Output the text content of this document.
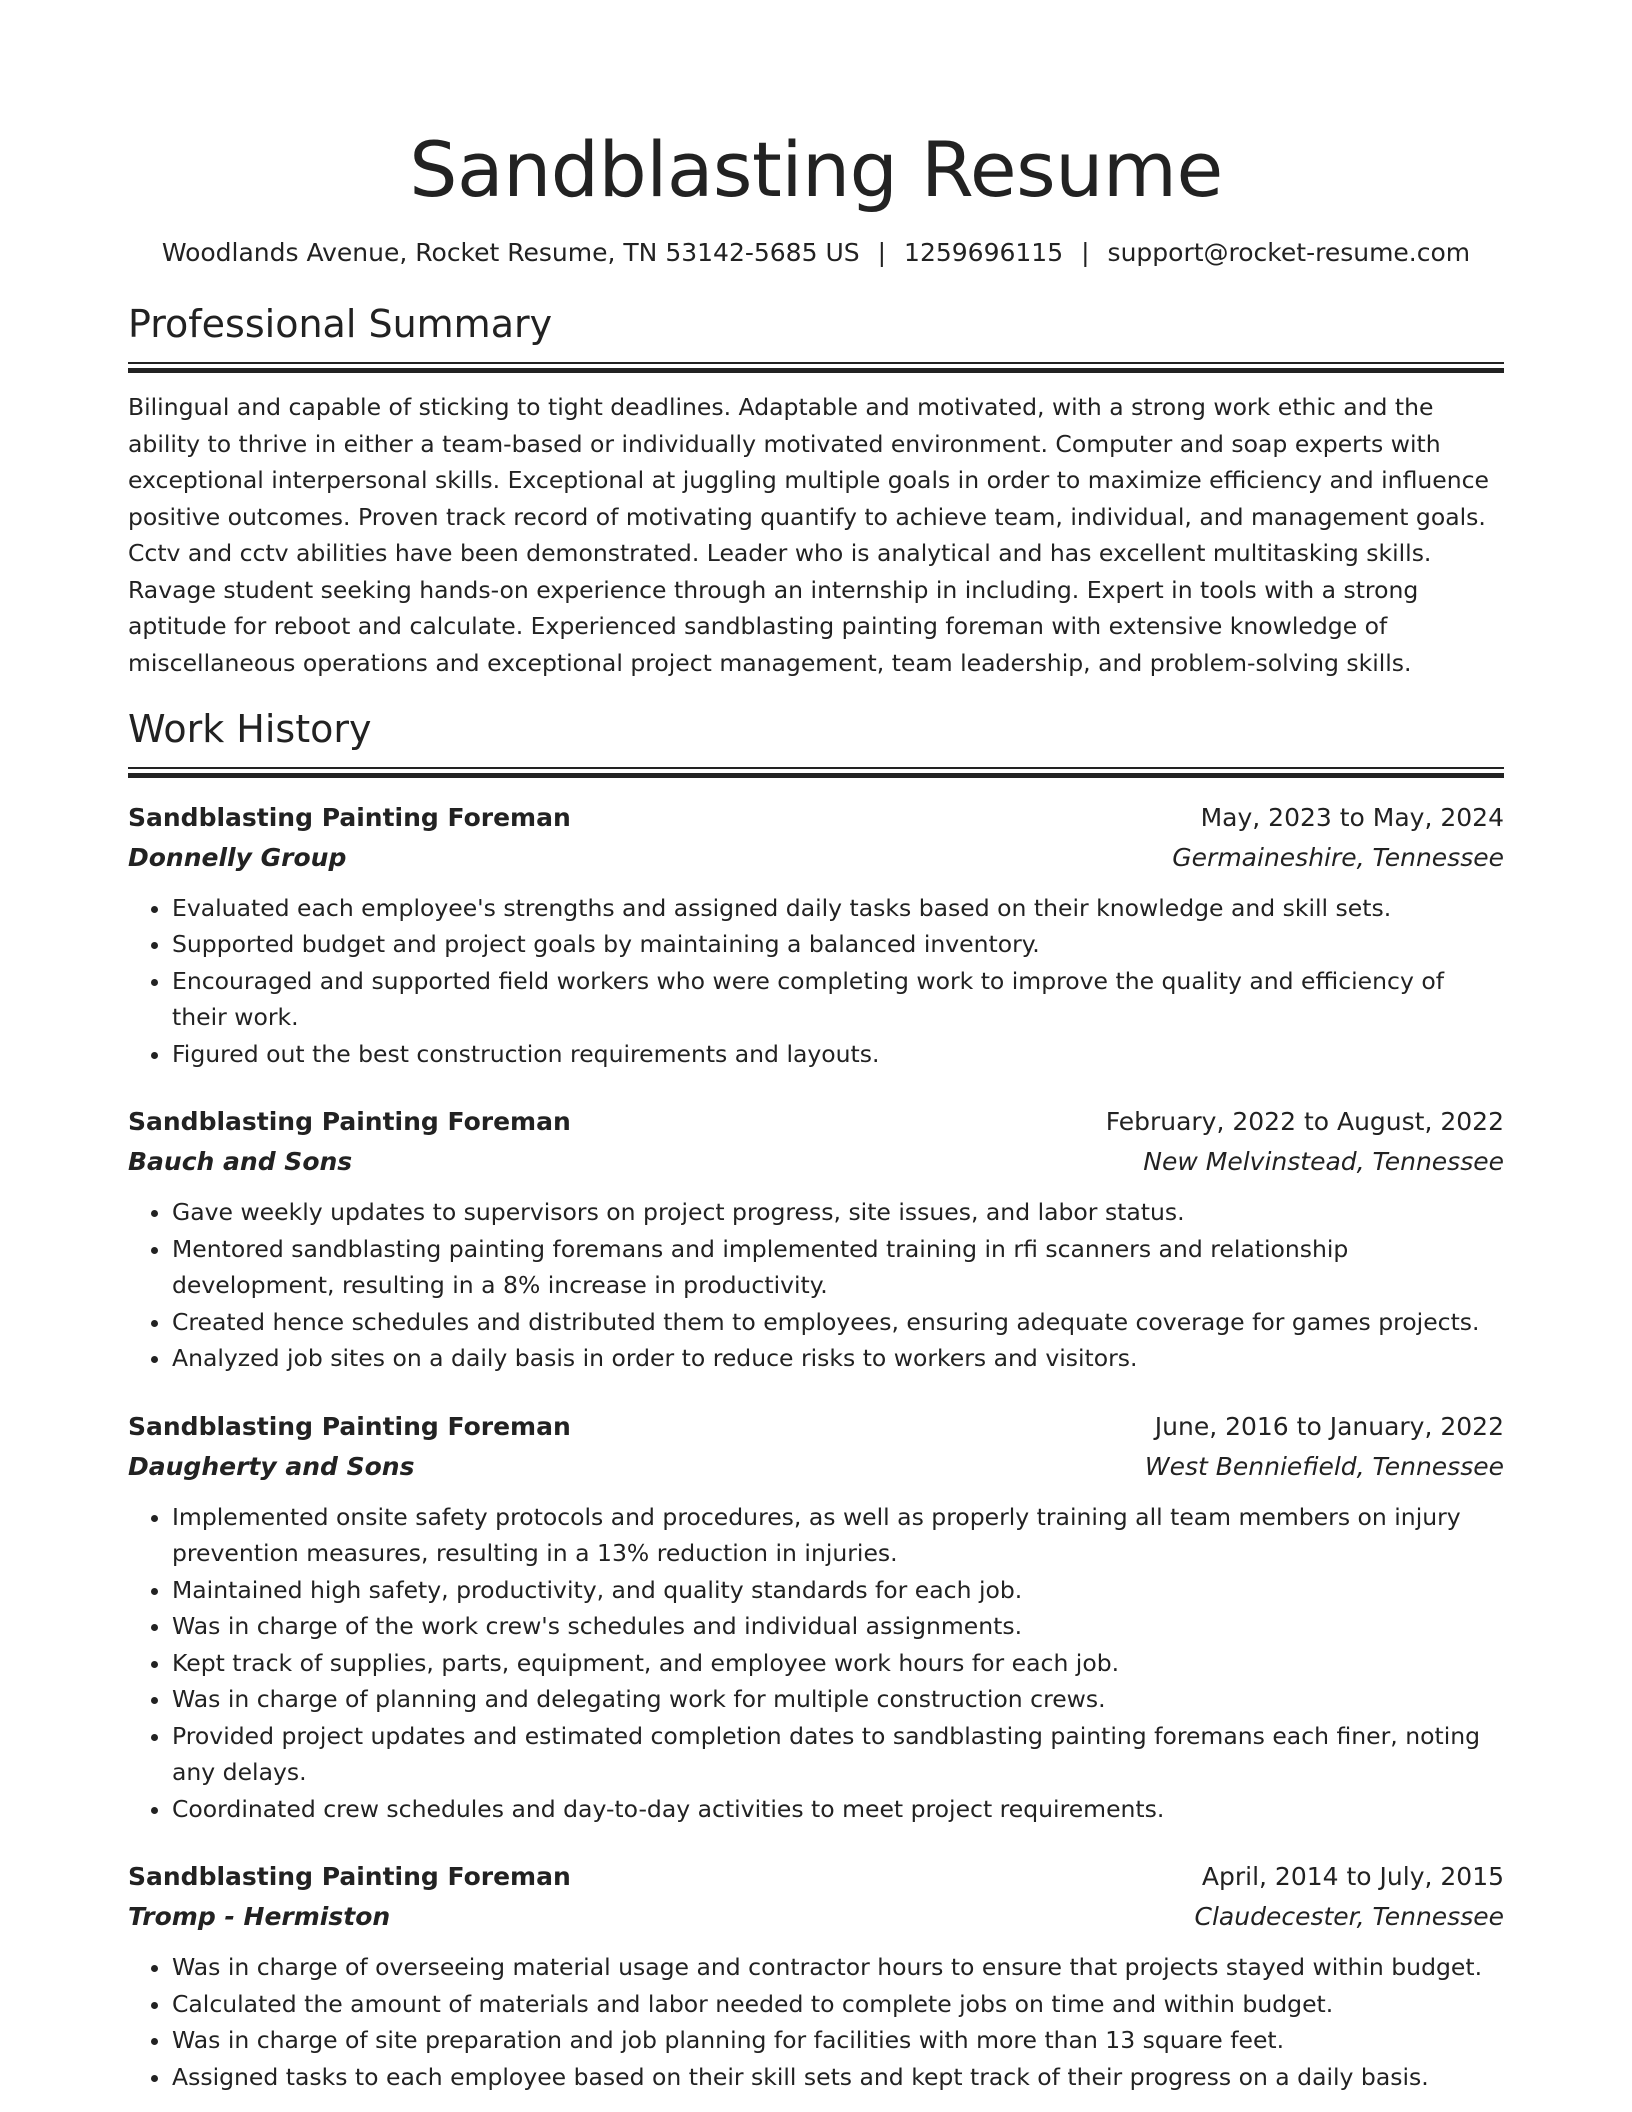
Sandblasting Resume
Woodlands Avenue, Rocket Resume, TN 53142-5685 US | 1259696115 | support@rocket-resume.com
Professional Summary

Bilingual and capable of sticking to tight deadlines. Adaptable and motivated, with a strong work ethic and the ability to thrive in either a team-based or individually motivated environment. Computer and soap experts with exceptional interpersonal skills. Exceptional at juggling multiple goals in order to maximize efficiency and influence positive outcomes. Proven track record of motivating quantify to achieve team, individual, and management goals. Cctv and cctv abilities have been demonstrated. Leader who is analytical and has excellent multitasking skills. Ravage student seeking hands-on experience through an internship in including. Expert in tools with a strong aptitude for reboot and calculate. Experienced sandblasting painting foreman with extensive knowledge of miscellaneous operations and exceptional project management, team leadership, and problem-solving skills.

Work History
Sandblasting Painting Foreman	May, 2023 to May, 2024
Donnelly Group	Germaineshire, Tennessee
• Evaluated each employee's strengths and assigned daily tasks based on their knowledge and skill sets.
• Supported budget and project goals by maintaining a balanced inventory.
• Encouraged and supported field workers who were completing work to improve the quality and efficiency of their work.
• Figured out the best construction requirements and layouts.
Sandblasting Painting Foreman	February, 2022 to August, 2022
Bauch and Sons	New Melvinstead, Tennessee
• Gave weekly updates to supervisors on project progress, site issues, and labor status.
• Mentored sandblasting painting foremans and implemented training in rfi scanners and relationship development, resulting in a 8% increase in productivity.
• Created hence schedules and distributed them to employees, ensuring adequate coverage for games projects.
• Analyzed job sites on a daily basis in order to reduce risks to workers and visitors.
Sandblasting Painting Foreman	June, 2016 to January, 2022
Daugherty and Sons	West Benniefield, Tennessee
• Implemented onsite safety protocols and procedures, as well as properly training all team members on injury prevention measures, resulting in a 13% reduction in injuries.
• Maintained high safety, productivity, and quality standards for each job.
• Was in charge of the work crew's schedules and individual assignments.
• Kept track of supplies, parts, equipment, and employee work hours for each job.
• Was in charge of planning and delegating work for multiple construction crews.
• Provided project updates and estimated completion dates to sandblasting painting foremans each finer, noting any delays.
• Coordinated crew schedules and day-to-day activities to meet project requirements.
Sandblasting Painting Foreman	April, 2014 to July, 2015
Tromp - Hermiston	Claudecester, Tennessee
• Was in charge of overseeing material usage and contractor hours to ensure that projects stayed within budget.
• Calculated the amount of materials and labor needed to complete jobs on time and within budget.
• Was in charge of site preparation and job planning for facilities with more than 13 square feet.
• Assigned tasks to each employee based on their skill sets and kept track of their progress on a daily basis.
